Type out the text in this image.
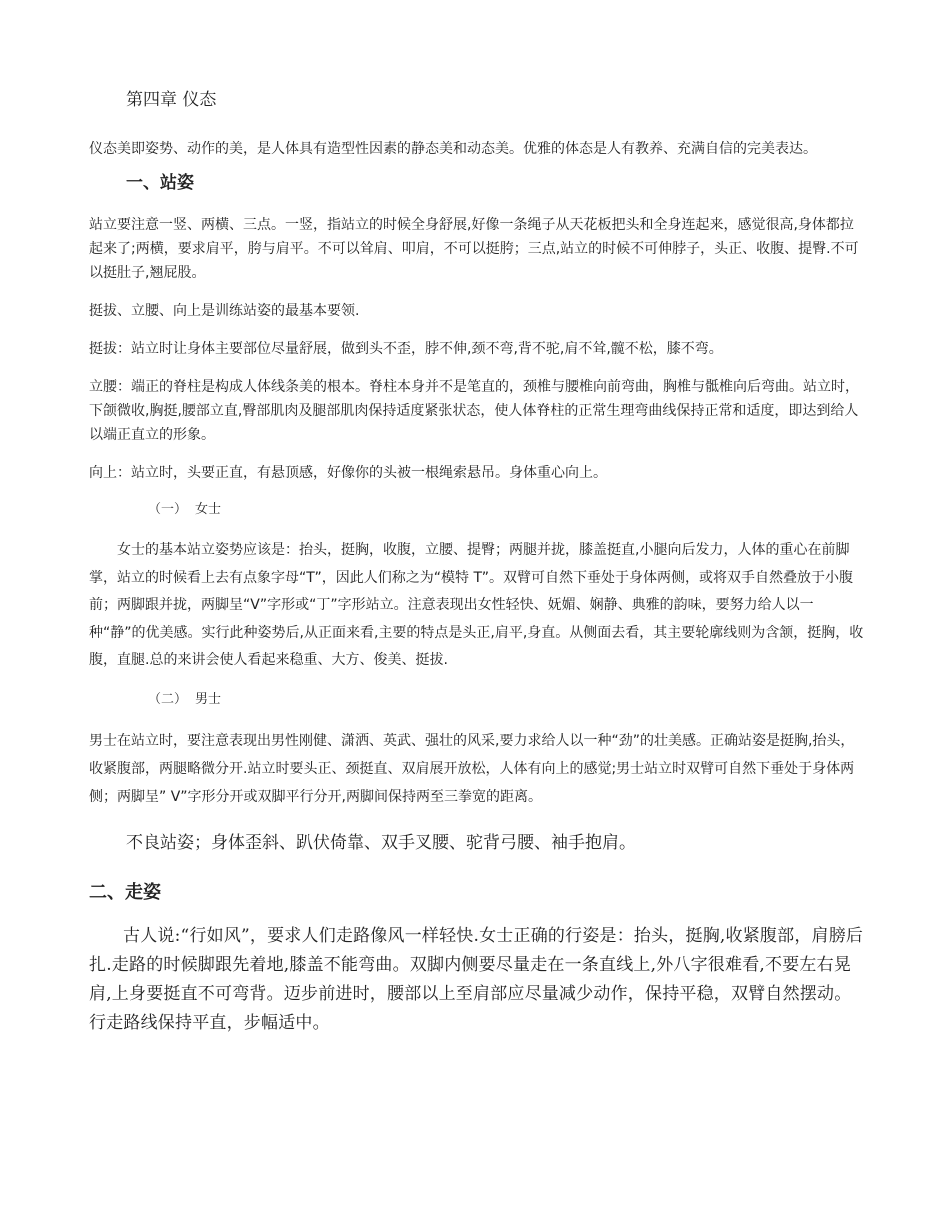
第四章 仪态

仪态美即姿势、动作的美，是人体具有造型性因素的静态美和动态美。优雅的体态是人有教养、充满自信的完美表达。

一、站姿

站立要注意一竖、两横、三点。一竖，指站立的时候全身舒展,好像一条绳子从天花板把头和全身连起来，感觉很高,身体都拉起来了;两横，要求肩平，胯与肩平。不可以耸肩、叩肩，不可以挺胯；三点,站立的时候不可伸脖子，头正、收腹、提臀.不可以挺肚子,翘屁股。

挺拔、立腰、向上是训练站姿的最基本要领.

挺拔：站立时让身体主要部位尽量舒展，做到头不歪，脖不伸,颈不弯,背不驼,肩不耸,髋不松，膝不弯。

立腰：端正的脊柱是构成人体线条美的根本。脊柱本身并不是笔直的，颈椎与腰椎向前弯曲，胸椎与骶椎向后弯曲。站立时，下颌微收,胸挺,腰部立直,臀部肌肉及腿部肌肉保持适度紧张状态，使人体脊柱的正常生理弯曲线保持正常和适度，即达到给人以端正直立的形象。

向上：站立时，头要正直，有悬顶感，好像你的头被一根绳索悬吊。身体重心向上。

（一） 女士

女士的基本站立姿势应该是：抬头，挺胸，收腹，立腰、提臀；两腿并拢，膝盖挺直,小腿向后发力，人体的重心在前脚掌，站立的时候看上去有点象字母“T”，因此人们称之为“模特 T”。双臂可自然下垂处于身体两侧，或将双手自然叠放于小腹前；两脚跟并拢，两脚呈“V”字形或“丁”字形站立。注意表现出女性轻快、妩媚、娴静、典雅的韵味，要努力给人以一种“静”的优美感。实行此种姿势后,从正面来看,主要的特点是头正,肩平,身直。从侧面去看，其主要轮廓线则为含颔，挺胸，收腹，直腿.总的来讲会使人看起来稳重、大方、俊美、挺拔.

（二） 男士

男士在站立时，要注意表现出男性刚健、潇洒、英武、强壮的风采,要力求给人以一种“劲”的壮美感。正确站姿是挺胸,抬头，收紧腹部，两腿略微分开.站立时要头正、颈挺直、双肩展开放松，人体有向上的感觉;男士站立时双臂可自然下垂处于身体两侧；两脚呈” V”字形分开或双脚平行分开,两脚间保持两至三拳宽的距离。

不良站姿；身体歪斜、趴伏倚靠、双手叉腰、驼背弓腰、袖手抱肩。
二、走姿

古人说:“行如风”，要求人们走路像风一样轻快.女士正确的行姿是：抬头，挺胸,收紧腹部，肩膀后扎.走路的时候脚跟先着地,膝盖不能弯曲。双脚内侧要尽量走在一条直线上,外八字很难看,不要左右晃肩,上身要挺直不可弯背。迈步前进时，腰部以上至肩部应尽量减少动作，保持平稳，双臂自然摆动。行走路线保持平直，步幅适中。
